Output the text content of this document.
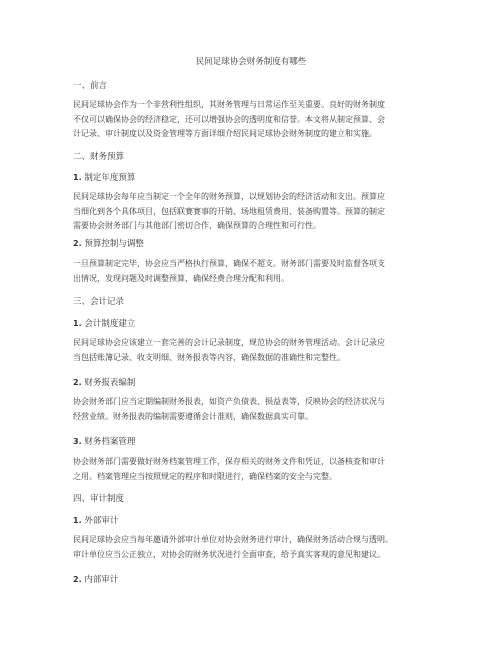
民间足球协会财务制度有哪些
一、前言
民间足球协会作为一个非营利性组织，其财务管理与日常运作至关重要。良好的财务制度
不仅可以确保协会的经济稳定，还可以增强协会的透明度和信誉。本文将从制定预算、会
计记录、审计制度以及资金管理等方面详细介绍民间足球协会财务制度的建立和实施。
二、财务预算
1. 制定年度预算
民间足球协会每年应当制定一个全年的财务预算，以规划协会的经济活动和支出。预算应
当细化到各个具体项目，包括联赛赛事的开销、场地租赁费用、装备购置等。预算的制定
需要协会财务部门与其他部门密切合作，确保预算的合理性和可行性。
2. 预算控制与调整
一旦预算制定完毕，协会应当严格执行预算，确保不超支。财务部门需要及时监督各项支
出情况，发现问题及时调整预算，确保经费合理分配和利用。
三、会计记录
1. 会计制度建立
民间足球协会应该建立一套完善的会计记录制度，规范协会的财务管理活动。会计记录应
当包括账簿记录、收支明细、财务报表等内容，确保数据的准确性和完整性。
2. 财务报表编制
协会财务部门应当定期编制财务报表，如资产负债表、损益表等，反映协会的经济状况与
经营业绩。财务报表的编制需要遵循会计准则，确保数据真实可靠。
3. 财务档案管理
协会财务部门需要做好财务档案管理工作，保存相关的财务文件和凭证，以备核查和审计
之用。档案管理应当按照规定的程序和时限进行，确保档案的安全与完整。
四、审计制度
1. 外部审计
民间足球协会应当每年邀请外部审计单位对协会财务进行审计，确保财务活动合规与透明。
审计单位应当公正独立，对协会的财务状况进行全面审查，给予真实客观的意见和建议。
2. 内部审计
